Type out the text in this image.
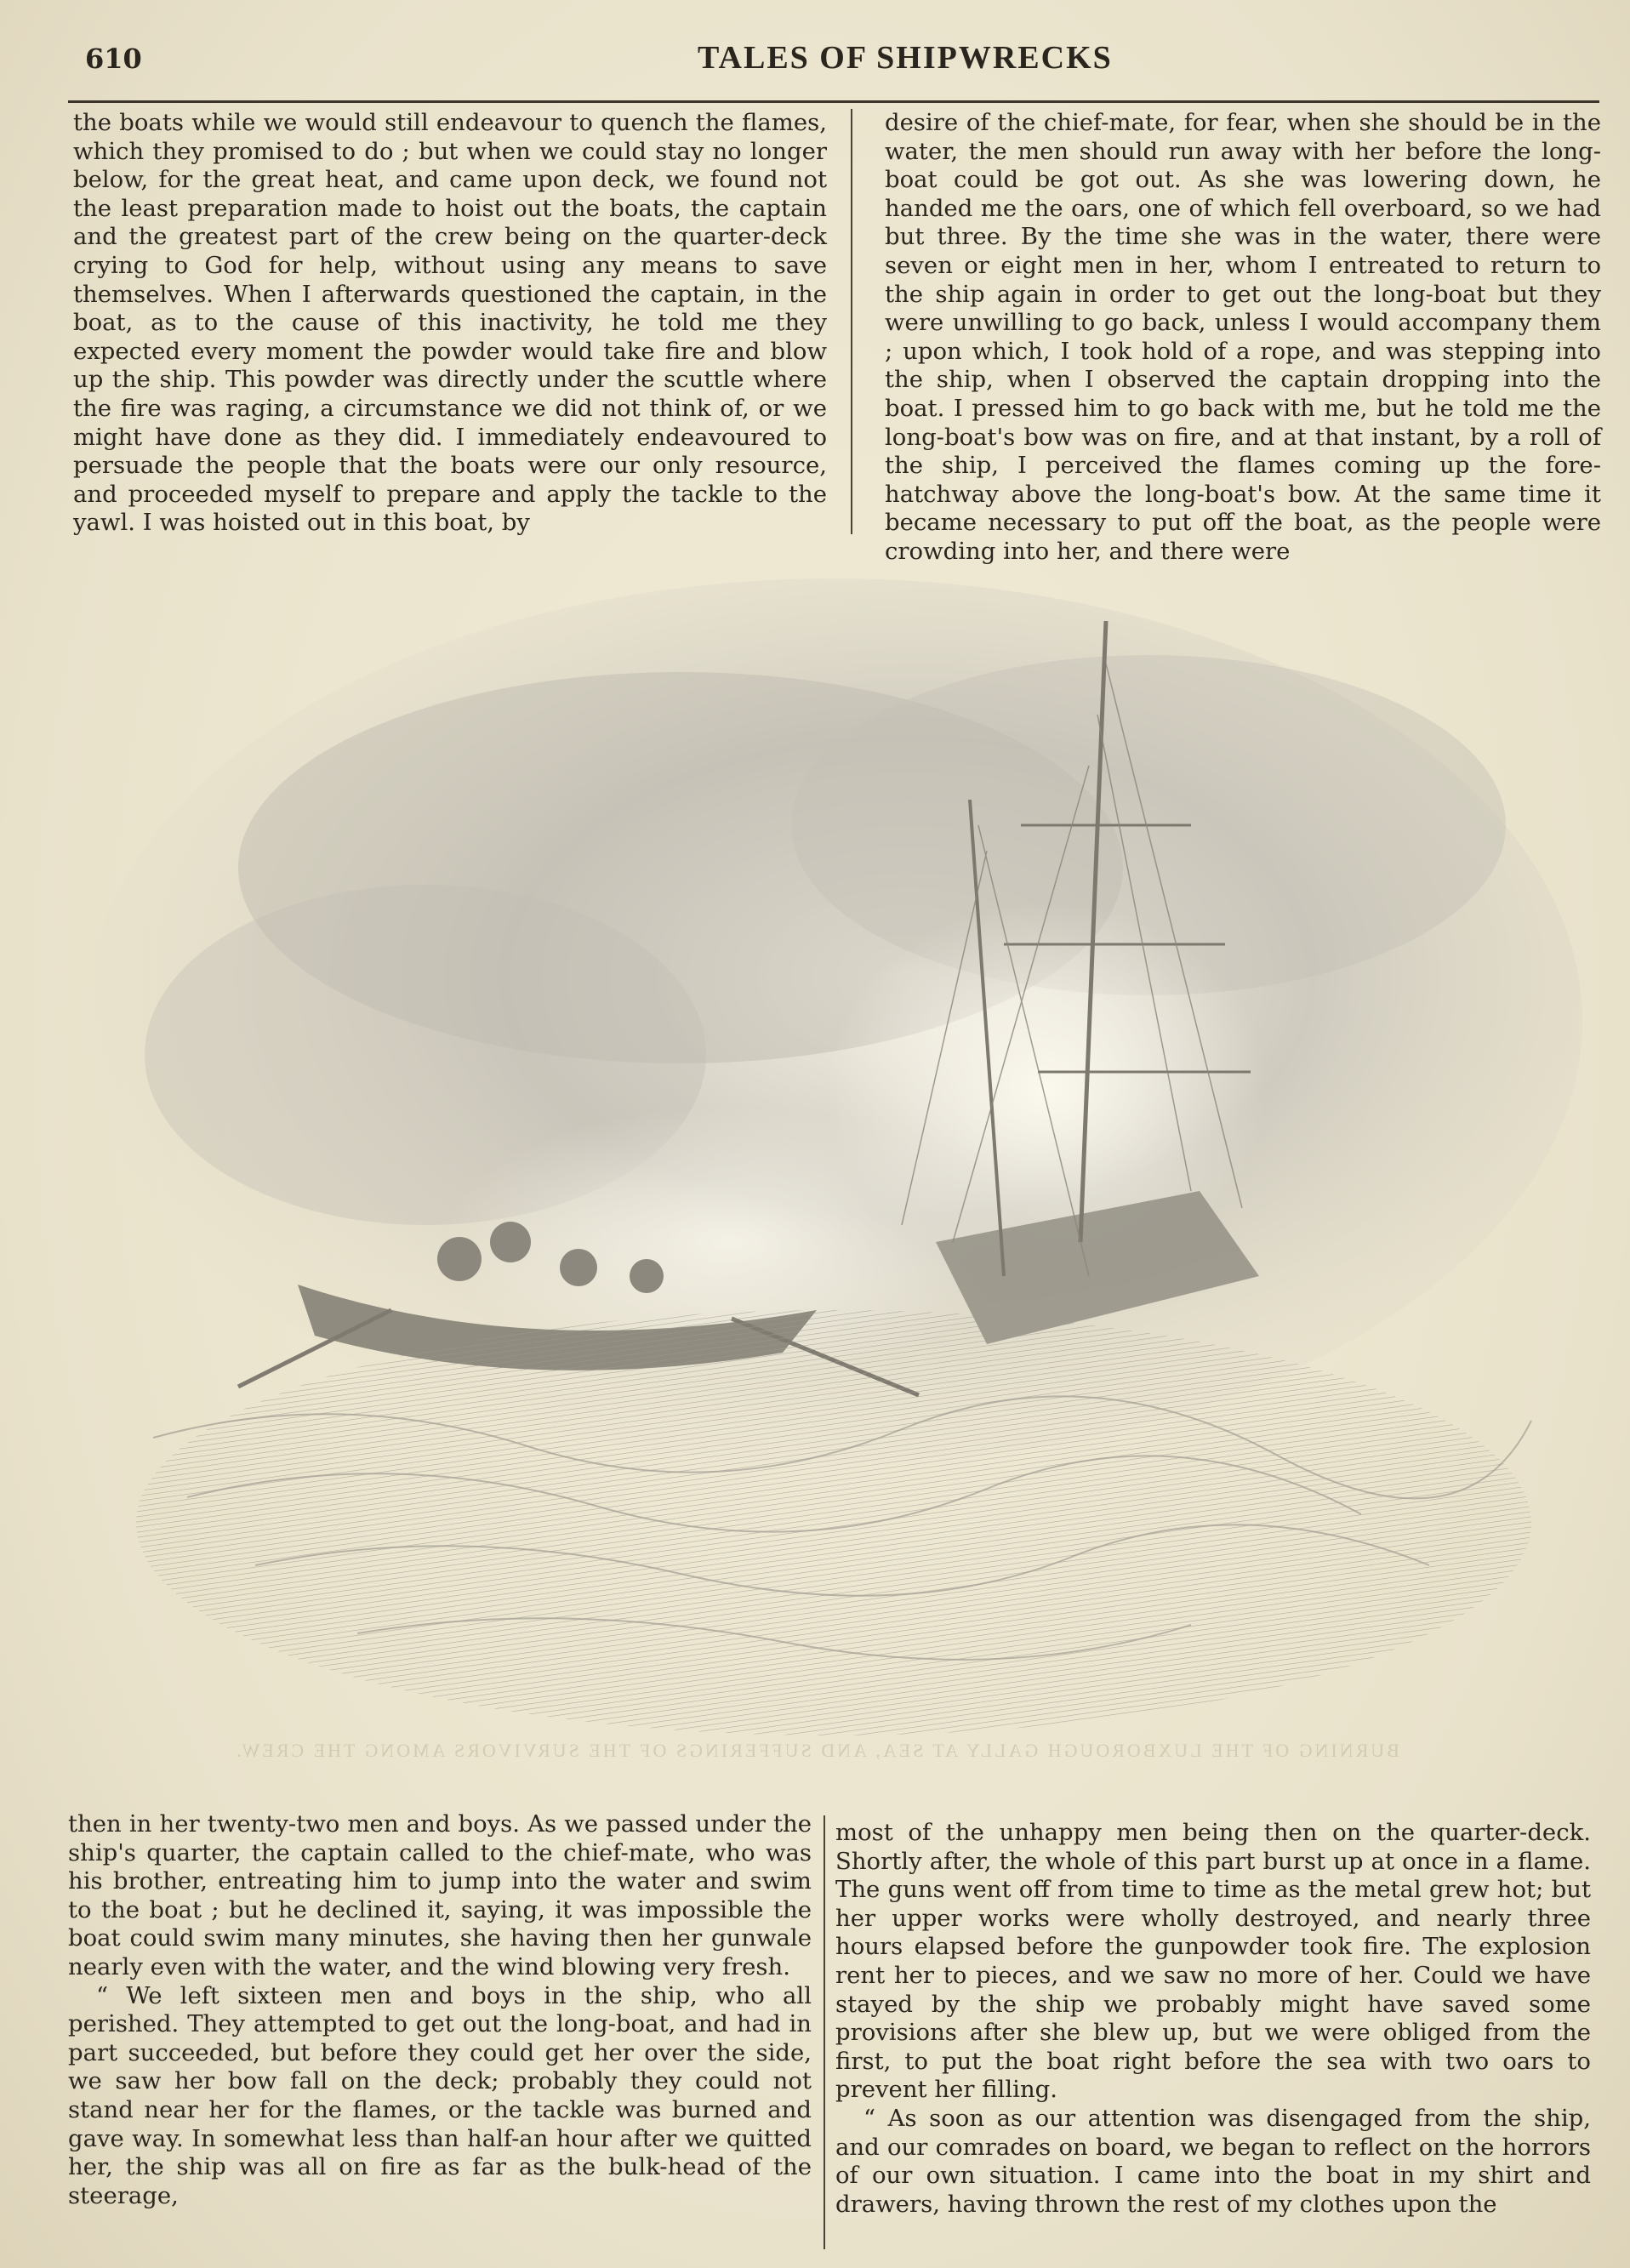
610	TALES OF SHIPWRECKS

the boats while we would still endeavour to quench the flames, which they promised to do ; but when we could stay no longer below, for the great heat, and came upon deck, we found not the least preparation made to hoist out the boats, the captain and the greatest part of the crew being on the quarter-deck crying to God for help, without using any means to save themselves. When I afterwards questioned the captain, in the boat, as to the cause of this inactivity, he told me they expected every moment the powder would take fire and blow up the ship. This powder was directly under the scuttle where the fire was raging, a circumstance we did not think of, or we might have done as they did. I immediately endeavoured to persuade the people that the boats were our only resource, and proceeded myself to prepare and apply the tackle to the yawl. I was hoisted out in this boat, by

desire of the chief-mate, for fear, when she should be in the water, the men should run away with her before the long-boat could be got out. As she was lowering down, he handed me the oars, one of which fell overboard, so we had but three. By the time she was in the water, there were seven or eight men in her, whom I entreated to return to the ship again in order to get out the long-boat but they were unwilling to go back, unless I would accompany them ; upon which, I took hold of a rope, and was stepping into the ship, when I observed the captain dropping into the boat. I pressed him to go back with me, but he told me the long-boat's bow was on fire, and at that instant, by a roll of the ship, I perceived the flames coming up the fore-hatchway above the long-boat's bow. At the same time it became necessary to put off the boat, as the people were crowding into her, and there were

BURNING OF THE LUXBOROUGH GALLY AT SEA, AND SUFFERINGS OF THE SURVIVORS AMONG THE CREW.

then in her twenty-two men and boys. As we passed under the ship's quarter, the captain called to the chief-mate, who was his brother, entreating him to jump into the water and swim to the boat ; but he declined it, saying, it was impossible the boat could swim many minutes, she having then her gunwale nearly even with the water, and the wind blowing very fresh.

“ We left sixteen men and boys in the ship, who all perished. They attempted to get out the long-boat, and had in part succeeded, but before they could get her over the side, we saw her bow fall on the deck; probably they could not stand near her for the flames, or the tackle was burned and gave way. In somewhat less than half-an hour after we quitted her, the ship was all on fire as far as the bulk-head of the steerage,

most of the unhappy men being then on the quarter-deck. Shortly after, the whole of this part burst up at once in a flame. The guns went off from time to time as the metal grew hot; but her upper works were wholly destroyed, and nearly three hours elapsed before the gunpowder took fire. The explosion rent her to pieces, and we saw no more of her. Could we have stayed by the ship we probably might have saved some provisions after she blew up, but we were obliged from the first, to put the boat right before the sea with two oars to prevent her filling.

“ As soon as our attention was disengaged from the ship, and our comrades on board, we began to reflect on the horrors of our own situation. I came into the boat in my shirt and drawers, having thrown the rest of my clothes upon the
